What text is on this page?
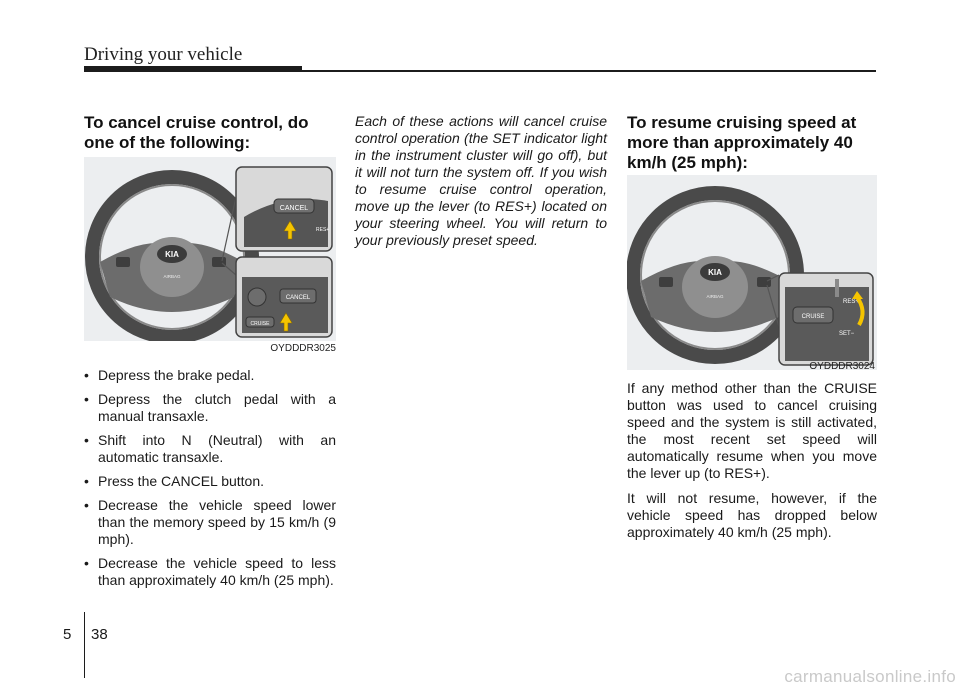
Driving your vehicle
To cancel cruise control, do one of the following:
KIA
AIRBAG
CANCEL
RES+
CANCEL
CRUISE
OYDDDR3025
• Depress the brake pedal.
• Depress the clutch pedal with a manual transaxle.
• Shift into N (Neutral) with an automatic transaxle.
• Press the CANCEL button.
• Decrease the vehicle speed lower than the memory speed by 15 km/h (9 mph).
• Decrease the vehicle speed to less than approximately 40 km/h (25 mph).

Each of these actions will cancel cruise control operation (the SET indicator light in the instrument cluster will go off), but it will not turn the system off. If you wish to resume cruise control operation, move up the lever (to RES+) located on your steering wheel. You will return to your previously preset speed.

To resume cruising speed at more than approximately 40 km/h (25 mph):
KIA
AIRBAG
RES+
CRUISE
SET−
OYDDDR3024

If any method other than the CRUISE button was used to cancel cruising speed and the system is still activated, the most recent set speed will automatically resume when you move the lever up (to RES+).

It will not resume, however, if the vehicle speed has dropped below approximately 40 km/h (25 mph).

5 38
carmanualsonline.info
